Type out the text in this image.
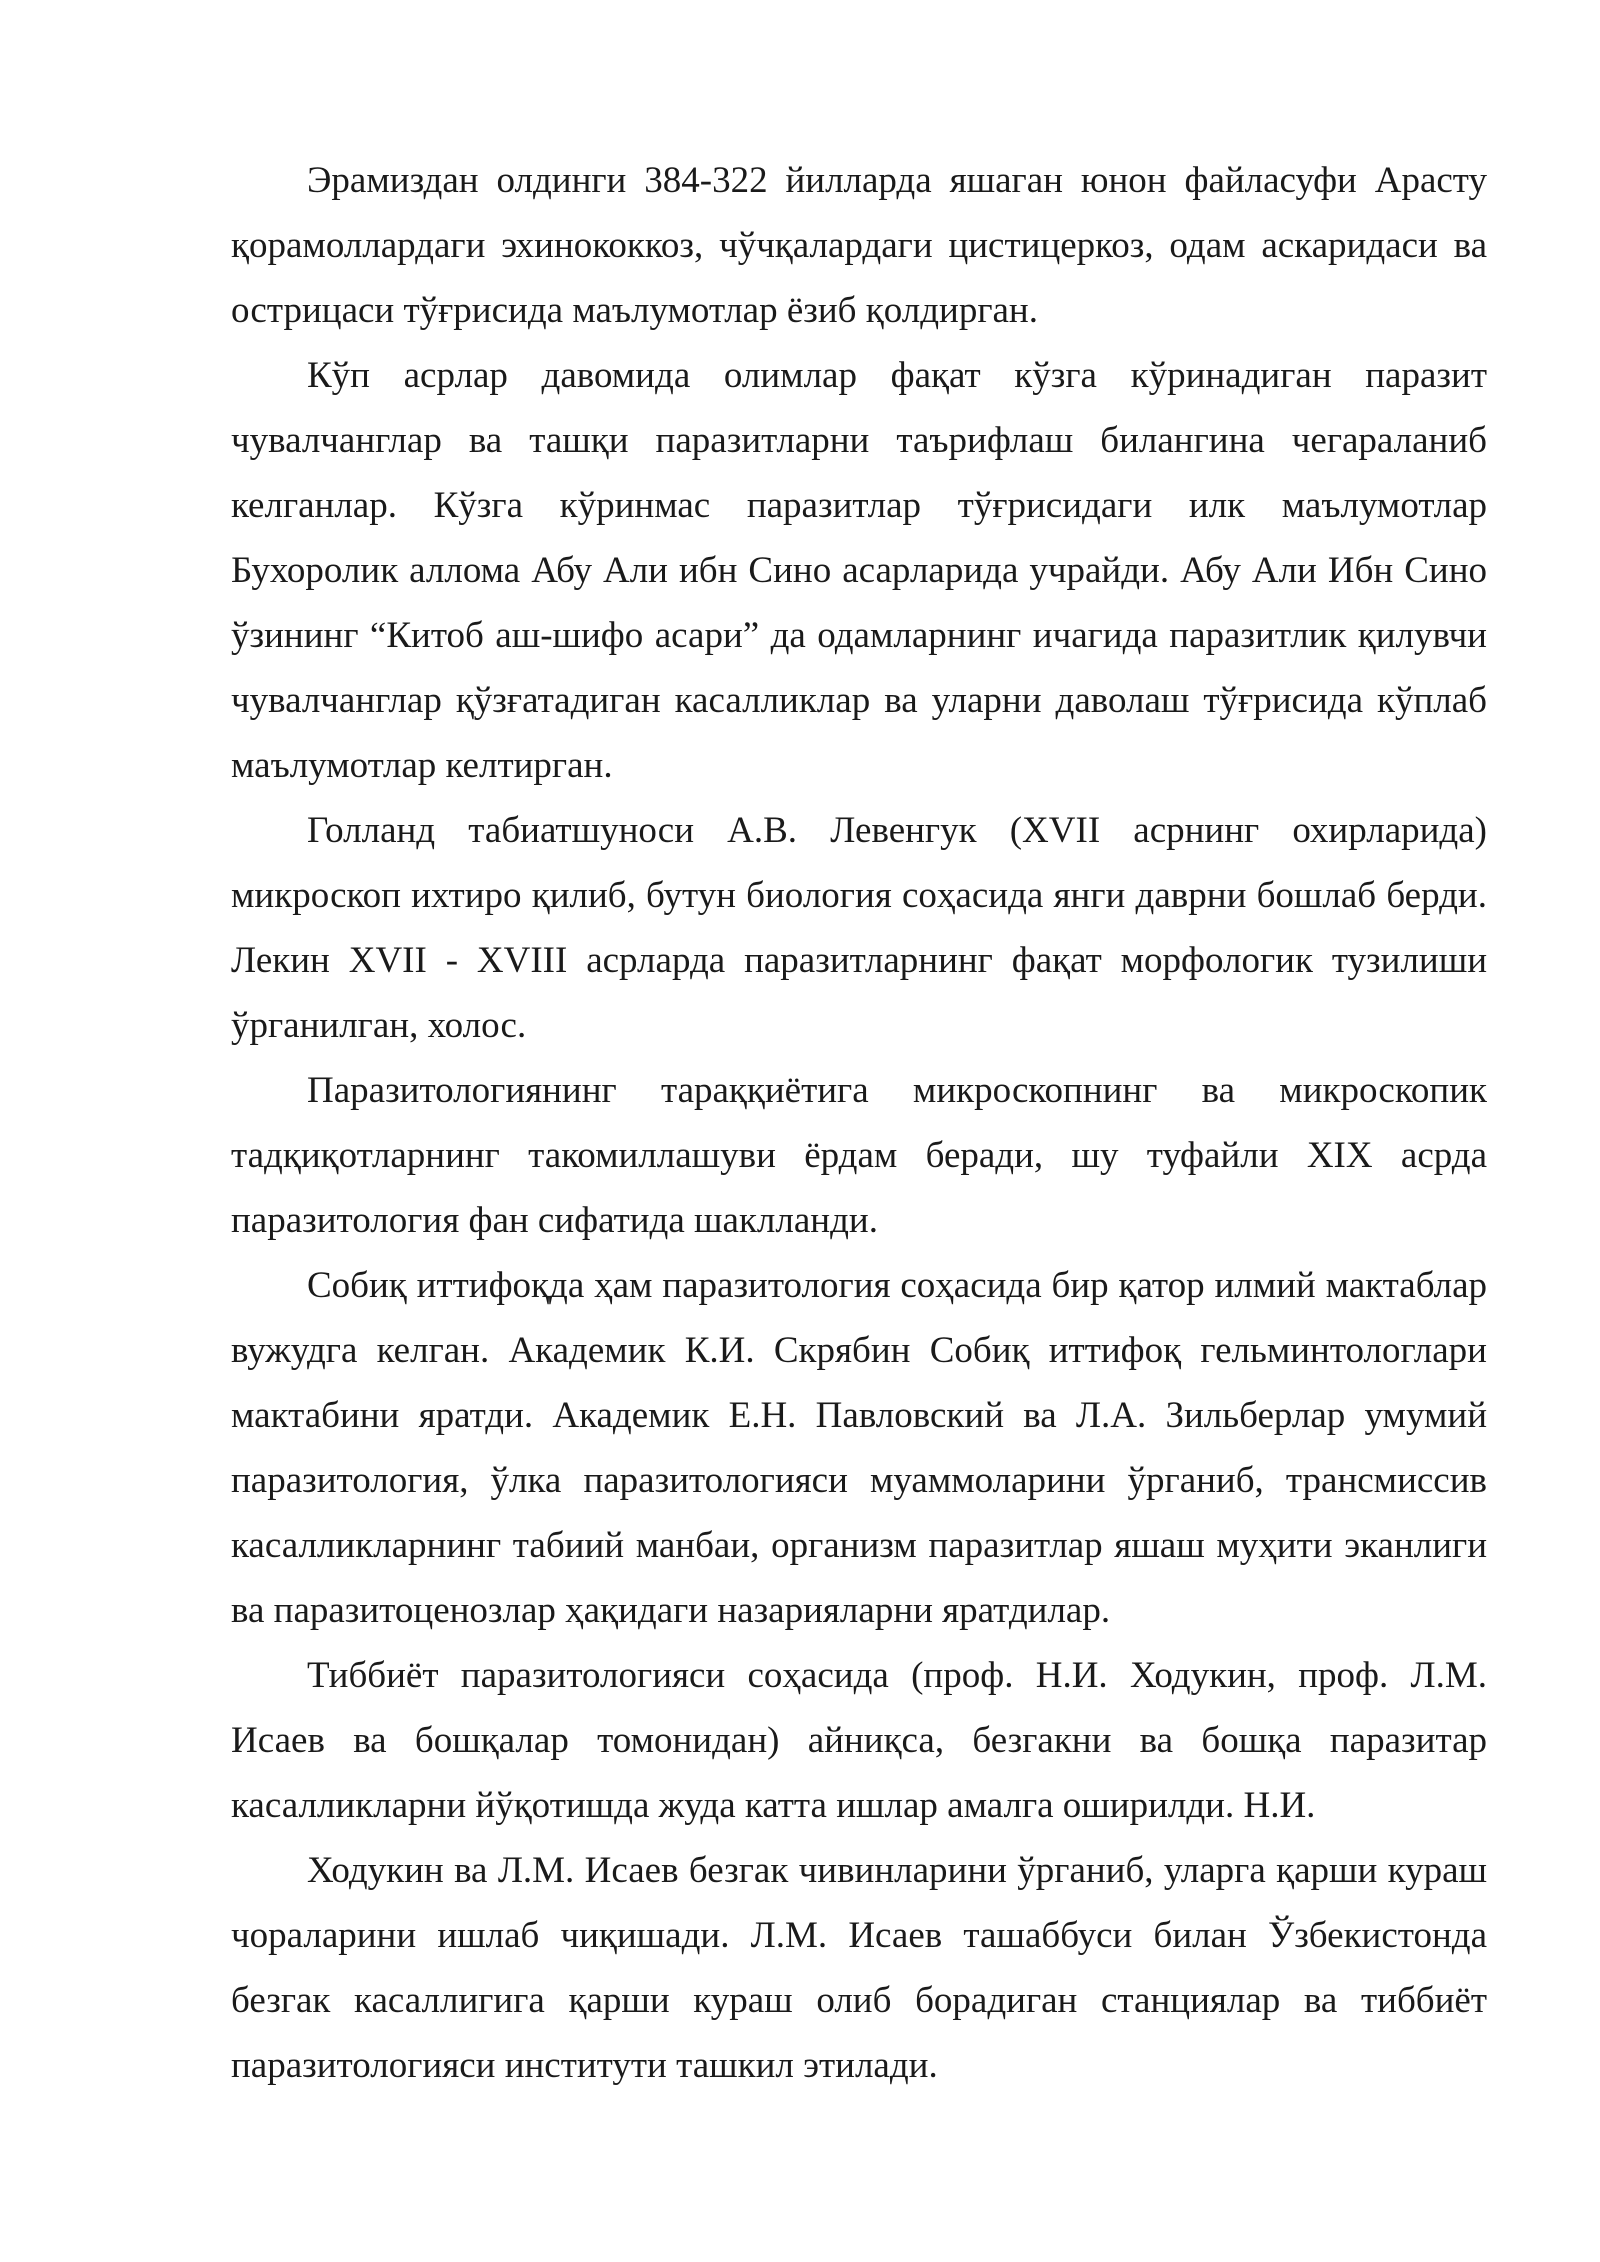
Эрамиздан олдинги 384-322 йилларда яшаган юнон файласуфи Арасту қорамоллардаги эхинококкоз, чўчқалардаги цистицеркоз, одам аскаридаси ва острицаси тўғрисида маълумотлар ёзиб қолдирган.

Кўп асрлар давомида олимлар фақат кўзга кўринадиган паразит чувалчанглар ва ташқи паразитларни таърифлаш билангина чегараланиб келганлар. Кўзга кўринмас паразитлар тўғрисидаги илк маълумотлар Бухоролик аллома Абу Али ибн Сино асарларида учрайди. Абу Али Ибн Сино ўзининг “Китоб аш-шифо асари” да одамларнинг ичагида паразитлик қилувчи чувалчанглар қўзғатадиган касалликлар ва уларни даволаш тўғрисида кўплаб маълумотлар келтирган.

Голланд табиатшуноси А.В. Левенгук (XVII асрнинг охирларида) микроскоп ихтиро қилиб, бутун биология соҳасида янги даврни бошлаб берди. Лекин XVII - XVIII асрларда паразитларнинг фақат морфологик тузилиши ўрганилган, холос.

Паразитологиянинг тараққиётига микроскопнинг ва микроскопик тадқиқотларнинг такомиллашуви ёрдам беради, шу туфайли XIX асрда паразитология фан сифатида шаклланди.

Собиқ иттифоқда ҳам паразитология соҳасида бир қатор илмий мактаблар вужудга келган. Академик К.И. Скрябин Собиқ иттифоқ гельминтологлари мактабини яратди. Академик Е.Н. Павловский ва Л.А. Зильберлар умумий паразитология, ўлка паразитологияси муаммоларини ўрганиб, трансмиссив касалликларнинг табиий манбаи, организм паразитлар яшаш муҳити эканлиги ва паразитоценозлар ҳақидаги назарияларни яратдилар.

Тиббиёт паразитологияси соҳасида (проф. Н.И. Ходукин, проф. Л.М. Исаев ва бошқалар томонидан) айниқса, безгакни ва бошқа паразитар касалликларни йўқотишда жуда катта ишлар амалга оширилди. Н.И.

Ходукин ва Л.М. Исаев безгак чивинларини ўрганиб, уларга қарши кураш чораларини ишлаб чиқишади. Л.М. Исаев ташаббуси билан Ўзбекистонда безгак касаллигига қарши кураш олиб борадиган станциялар ва тиббиёт паразитологияси институти ташкил этилади.
